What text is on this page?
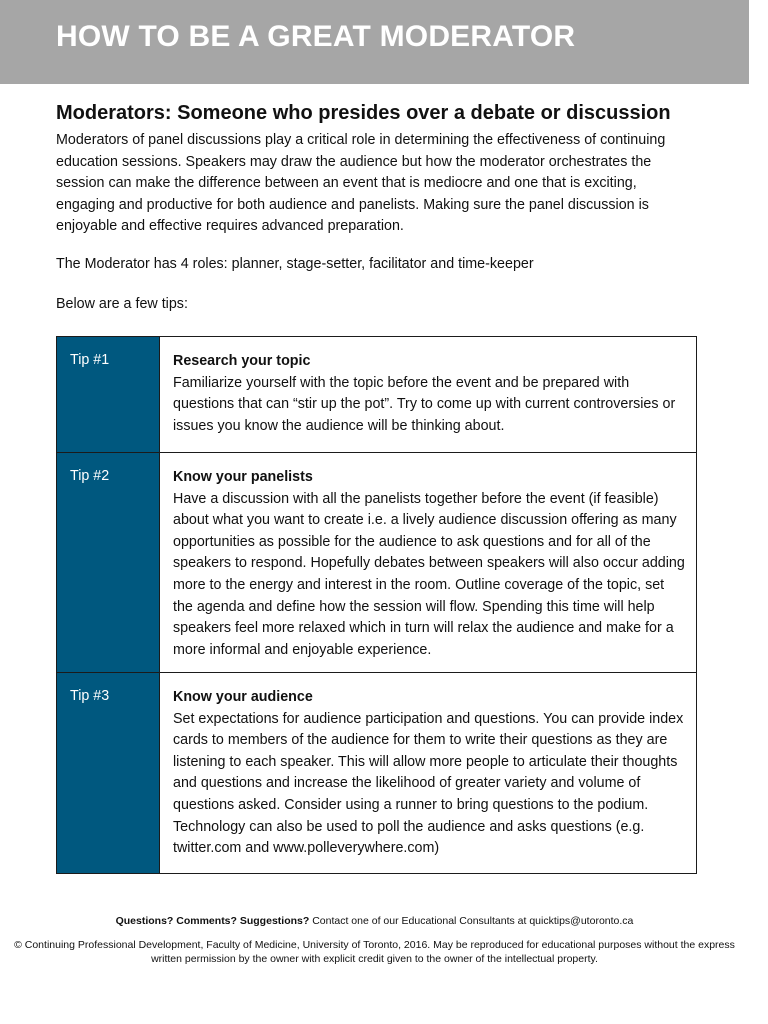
HOW TO BE A GREAT MODERATOR
Moderators: Someone who presides over a debate or discussion

Moderators of panel discussions play a critical role in determining the effectiveness of continuing education sessions. Speakers may draw the audience but how the moderator orchestrates the session can make the difference between an event that is mediocre and one that is exciting, engaging and productive for both audience and panelists. Making sure the panel discussion is enjoyable and effective requires advanced preparation.

The Moderator has 4 roles: planner, stage-setter, facilitator and time-keeper

Below are a few tips:

Tip #1	Research your topic

Familiarize yourself with the topic before the event and be prepared with questions that can “stir up the pot”. Try to come up with current controversies or issues you know the audience will be thinking about.

Tip #2	Know your panelists

Have a discussion with all the panelists together before the event (if feasible) about what you want to create i.e. a lively audience discussion offering as many opportunities as possible for the audience to ask questions and for all of the speakers to respond. Hopefully debates between speakers will also occur adding more to the energy and interest in the room. Outline coverage of the topic, set the agenda and define how the session will flow. Spending this time will help speakers feel more relaxed which in turn will relax the audience and make for a more informal and enjoyable experience.

Tip #3	Know your audience

Set expectations for audience participation and questions. You can provide index cards to members of the audience for them to write their questions as they are listening to each speaker. This will allow more people to articulate their thoughts and questions and increase the likelihood of greater variety and volume of questions asked. Consider using a runner to bring questions to the podium. Technology can also be used to poll the audience and asks questions (e.g. twitter.com and www.polleverywhere.com)

Questions? Comments? Suggestions? Contact one of our Educational Consultants at quicktips@utoronto.ca

© Continuing Professional Development, Faculty of Medicine, University of Toronto, 2016. May be reproduced for educational purposes without the express written permission by the owner with explicit credit given to the owner of the intellectual property.
